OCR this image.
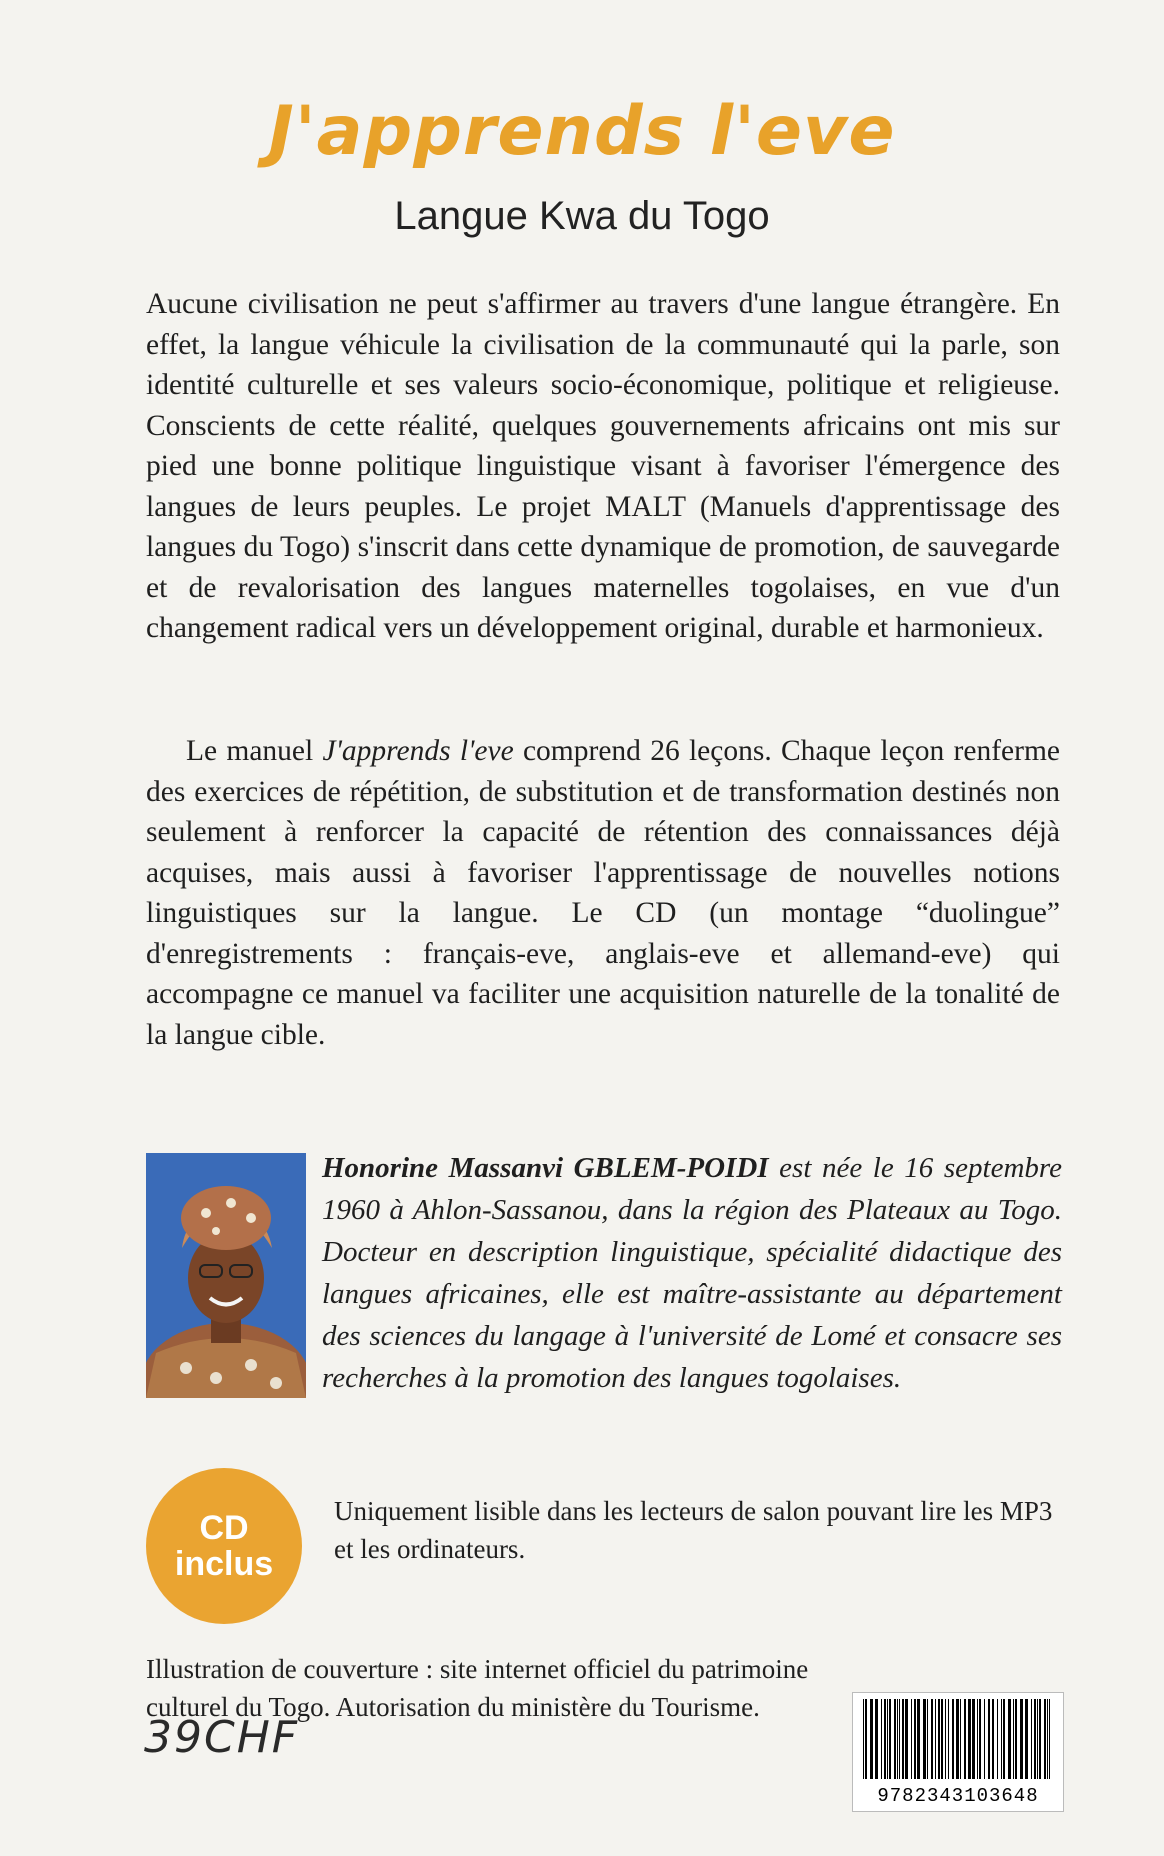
J'apprends l'eve
Langue Kwa du Togo
Aucune civilisation ne peut s'affirmer au travers d'une langue étrangère. En effet, la langue véhicule la civilisation de la communauté qui la parle, son identité culturelle et ses valeurs socio-économique, politique et religieuse. Conscients de cette réalité, quelques gouvernements africains ont mis sur pied une bonne politique linguistique visant à favoriser l'émergence des langues de leurs peuples. Le projet MALT (Manuels d'apprentissage des langues du Togo) s'inscrit dans cette dynamique de promotion, de sauvegarde et de revalorisation des langues maternelles togolaises, en vue d'un changement radical vers un développement original, durable et harmonieux.
Le manuel J'apprends l'eve comprend 26 leçons. Chaque leçon renferme des exercices de répétition, de substitution et de transformation destinés non seulement à renforcer la capacité de rétention des connaissances déjà acquises, mais aussi à favoriser l'apprentissage de nouvelles notions linguistiques sur la langue. Le CD (un montage “duolingue” d'enregistrements : français-eve, anglais-eve et allemand-eve) qui accompagne ce manuel va faciliter une acquisition naturelle de la tonalité de la langue cible.
Honorine Massanvi GBLEM-POIDI est née le 16 septembre 1960 à Ahlon-Sassanou, dans la région des Plateaux au Togo. Docteur en description linguistique, spécialité didactique des langues africaines, elle est maître-assistante au département des sciences du langage à l'université de Lomé et consacre ses recherches à la promotion des langues togolaises.
CD
inclus
Uniquement lisible dans les lecteurs de salon pouvant lire les MP3 et les ordinateurs.
Illustration de couverture : site internet officiel du patrimoine culturel du Togo. Autorisation du ministère du Tourisme.
39CHF
9782343103648
